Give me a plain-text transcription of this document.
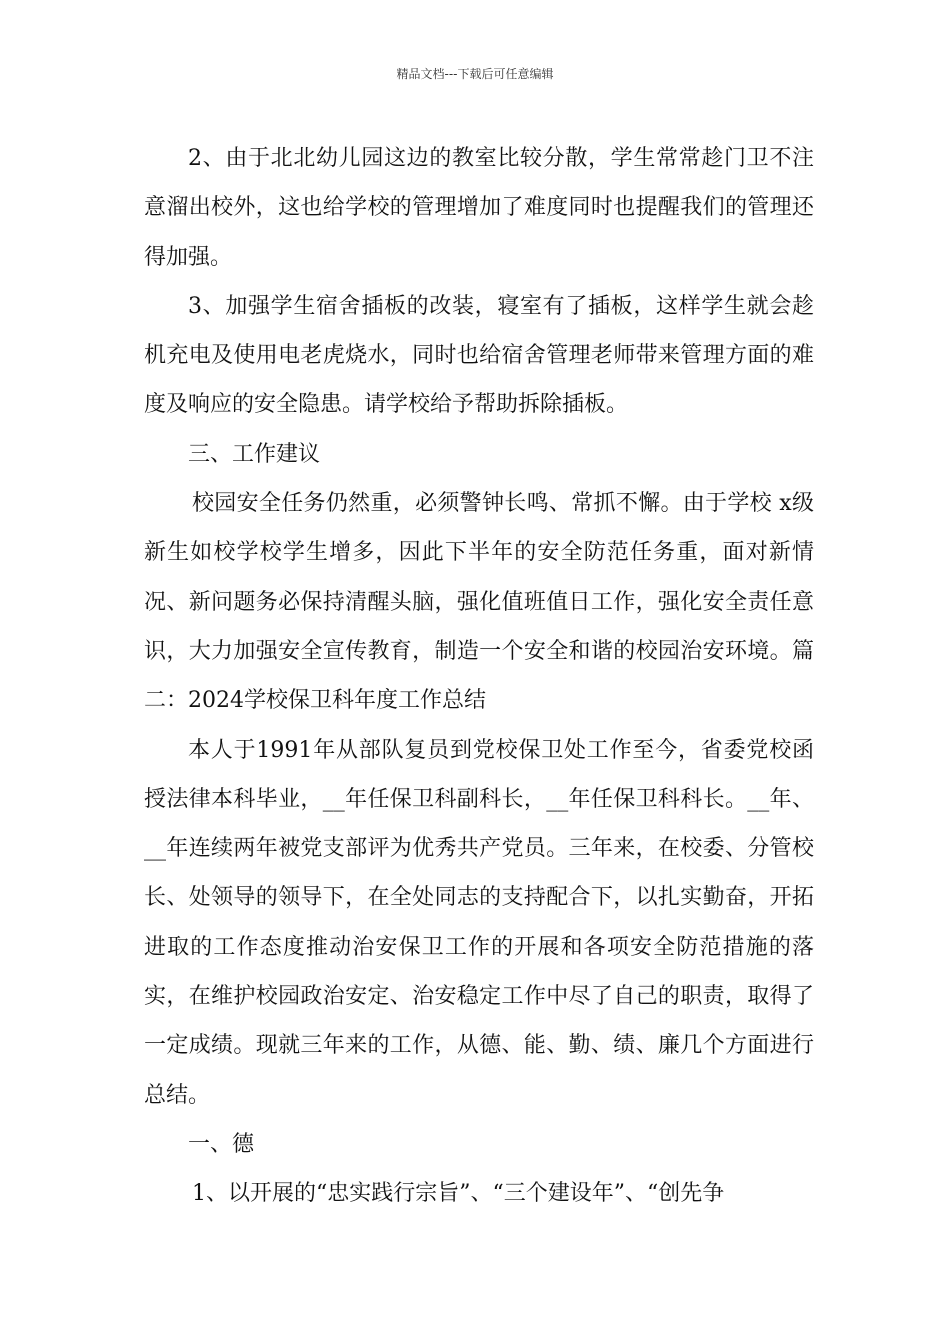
精品文档---下载后可任意编辑

2、由于北北幼儿园这边的教室比较分散，学生常常趁门卫不注意溜出校外，这也给学校的管理增加了难度同时也提醒我们的管理还得加强。

3、加强学生宿舍插板的改装，寝室有了插板，这样学生就会趁机充电及使用电老虎烧水，同时也给宿舍管理老师带来管理方面的难度及响应的安全隐患。请学校给予帮助拆除插板。

三、工作建议

校园安全任务仍然重，必须警钟长鸣、常抓不懈。由于学校 x级新生如校学校学生增多，因此下半年的安全防范任务重，面对新情况、新问题务必保持清醒头脑，强化值班值日工作，强化安全责任意识，大力加强安全宣传教育，制造一个安全和谐的校园治安环境。篇二：2024学校保卫科年度工作总结

本人于1991年从部队复员到党校保卫处工作至今，省委党校函授法律本科毕业，__年任保卫科副科长，__年任保卫科科长。__年、__年连续两年被党支部评为优秀共产党员。三年来，在校委、分管校长、处领导的领导下，在全处同志的支持配合下，以扎实勤奋，开拓进取的工作态度推动治安保卫工作的开展和各项安全防范措施的落实，在维护校园政治安定、治安稳定工作中尽了自己的职责，取得了一定成绩。现就三年来的工作，从德、能、勤、绩、廉几个方面进行总结。

一、德

1、以开展的“忠实践行宗旨”、“三个建设年”、“创先争
